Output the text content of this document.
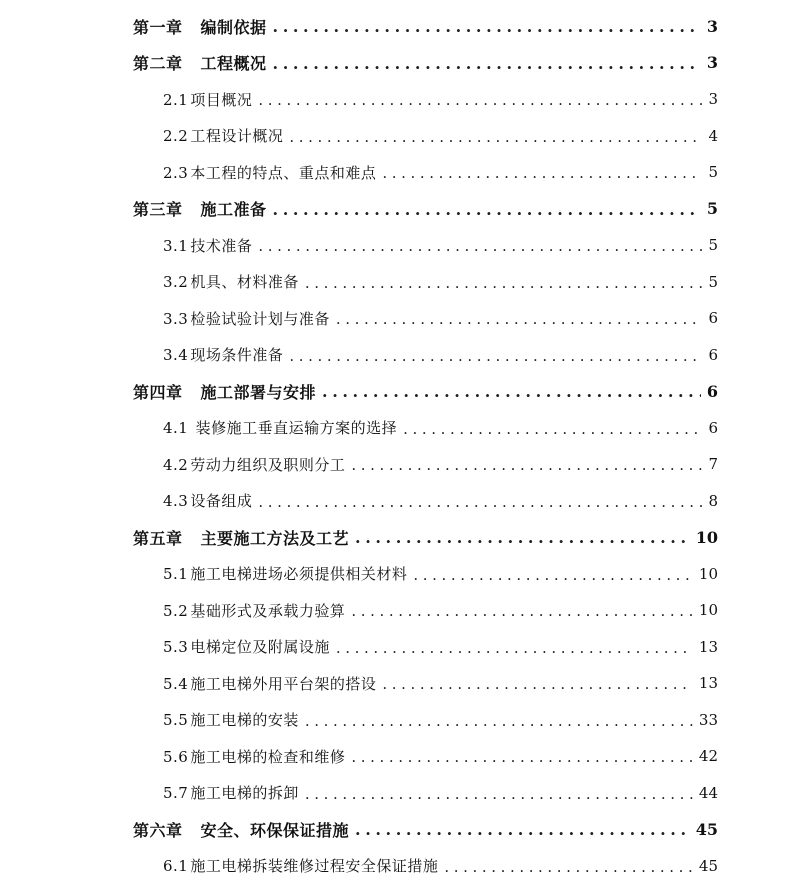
第一章 编制依据 .....	3
第二章 工程概况 .....	3
2.1 项目概况 .....	3
2.2 工程设计概况 .....	4
2.3 本工程的特点、重点和难点 .....	5
第三章 施工准备 .....	5
3.1 技术准备 .....	5
3.2 机具、材料准备 .....	5
3.3 检验试验计划与准备 .....	6
3.4 现场条件准备 .....	6
第四章 施工部署与安排 .....	6
4.1 装修施工垂直运输方案的选择 .....	6
4.2 劳动力组织及职则分工 .....	7
4.3 设备组成 .....	8
第五章 主要施工方法及工艺 .....	10
5.1 施工电梯进场必须提供相关材料 .....	10
5.2 基础形式及承载力验算 .....	10
5.3 电梯定位及附属设施 .....	13
5.4 施工电梯外用平台架的搭设 .....	13
5.5 施工电梯的安装 .....	33
5.6 施工电梯的检查和维修 .....	42
5.7 施工电梯的拆卸 .....	44
第六章 安全、环保保证措施 .....	45
6.1 施工电梯拆装维修过程安全保证措施 .....	45
